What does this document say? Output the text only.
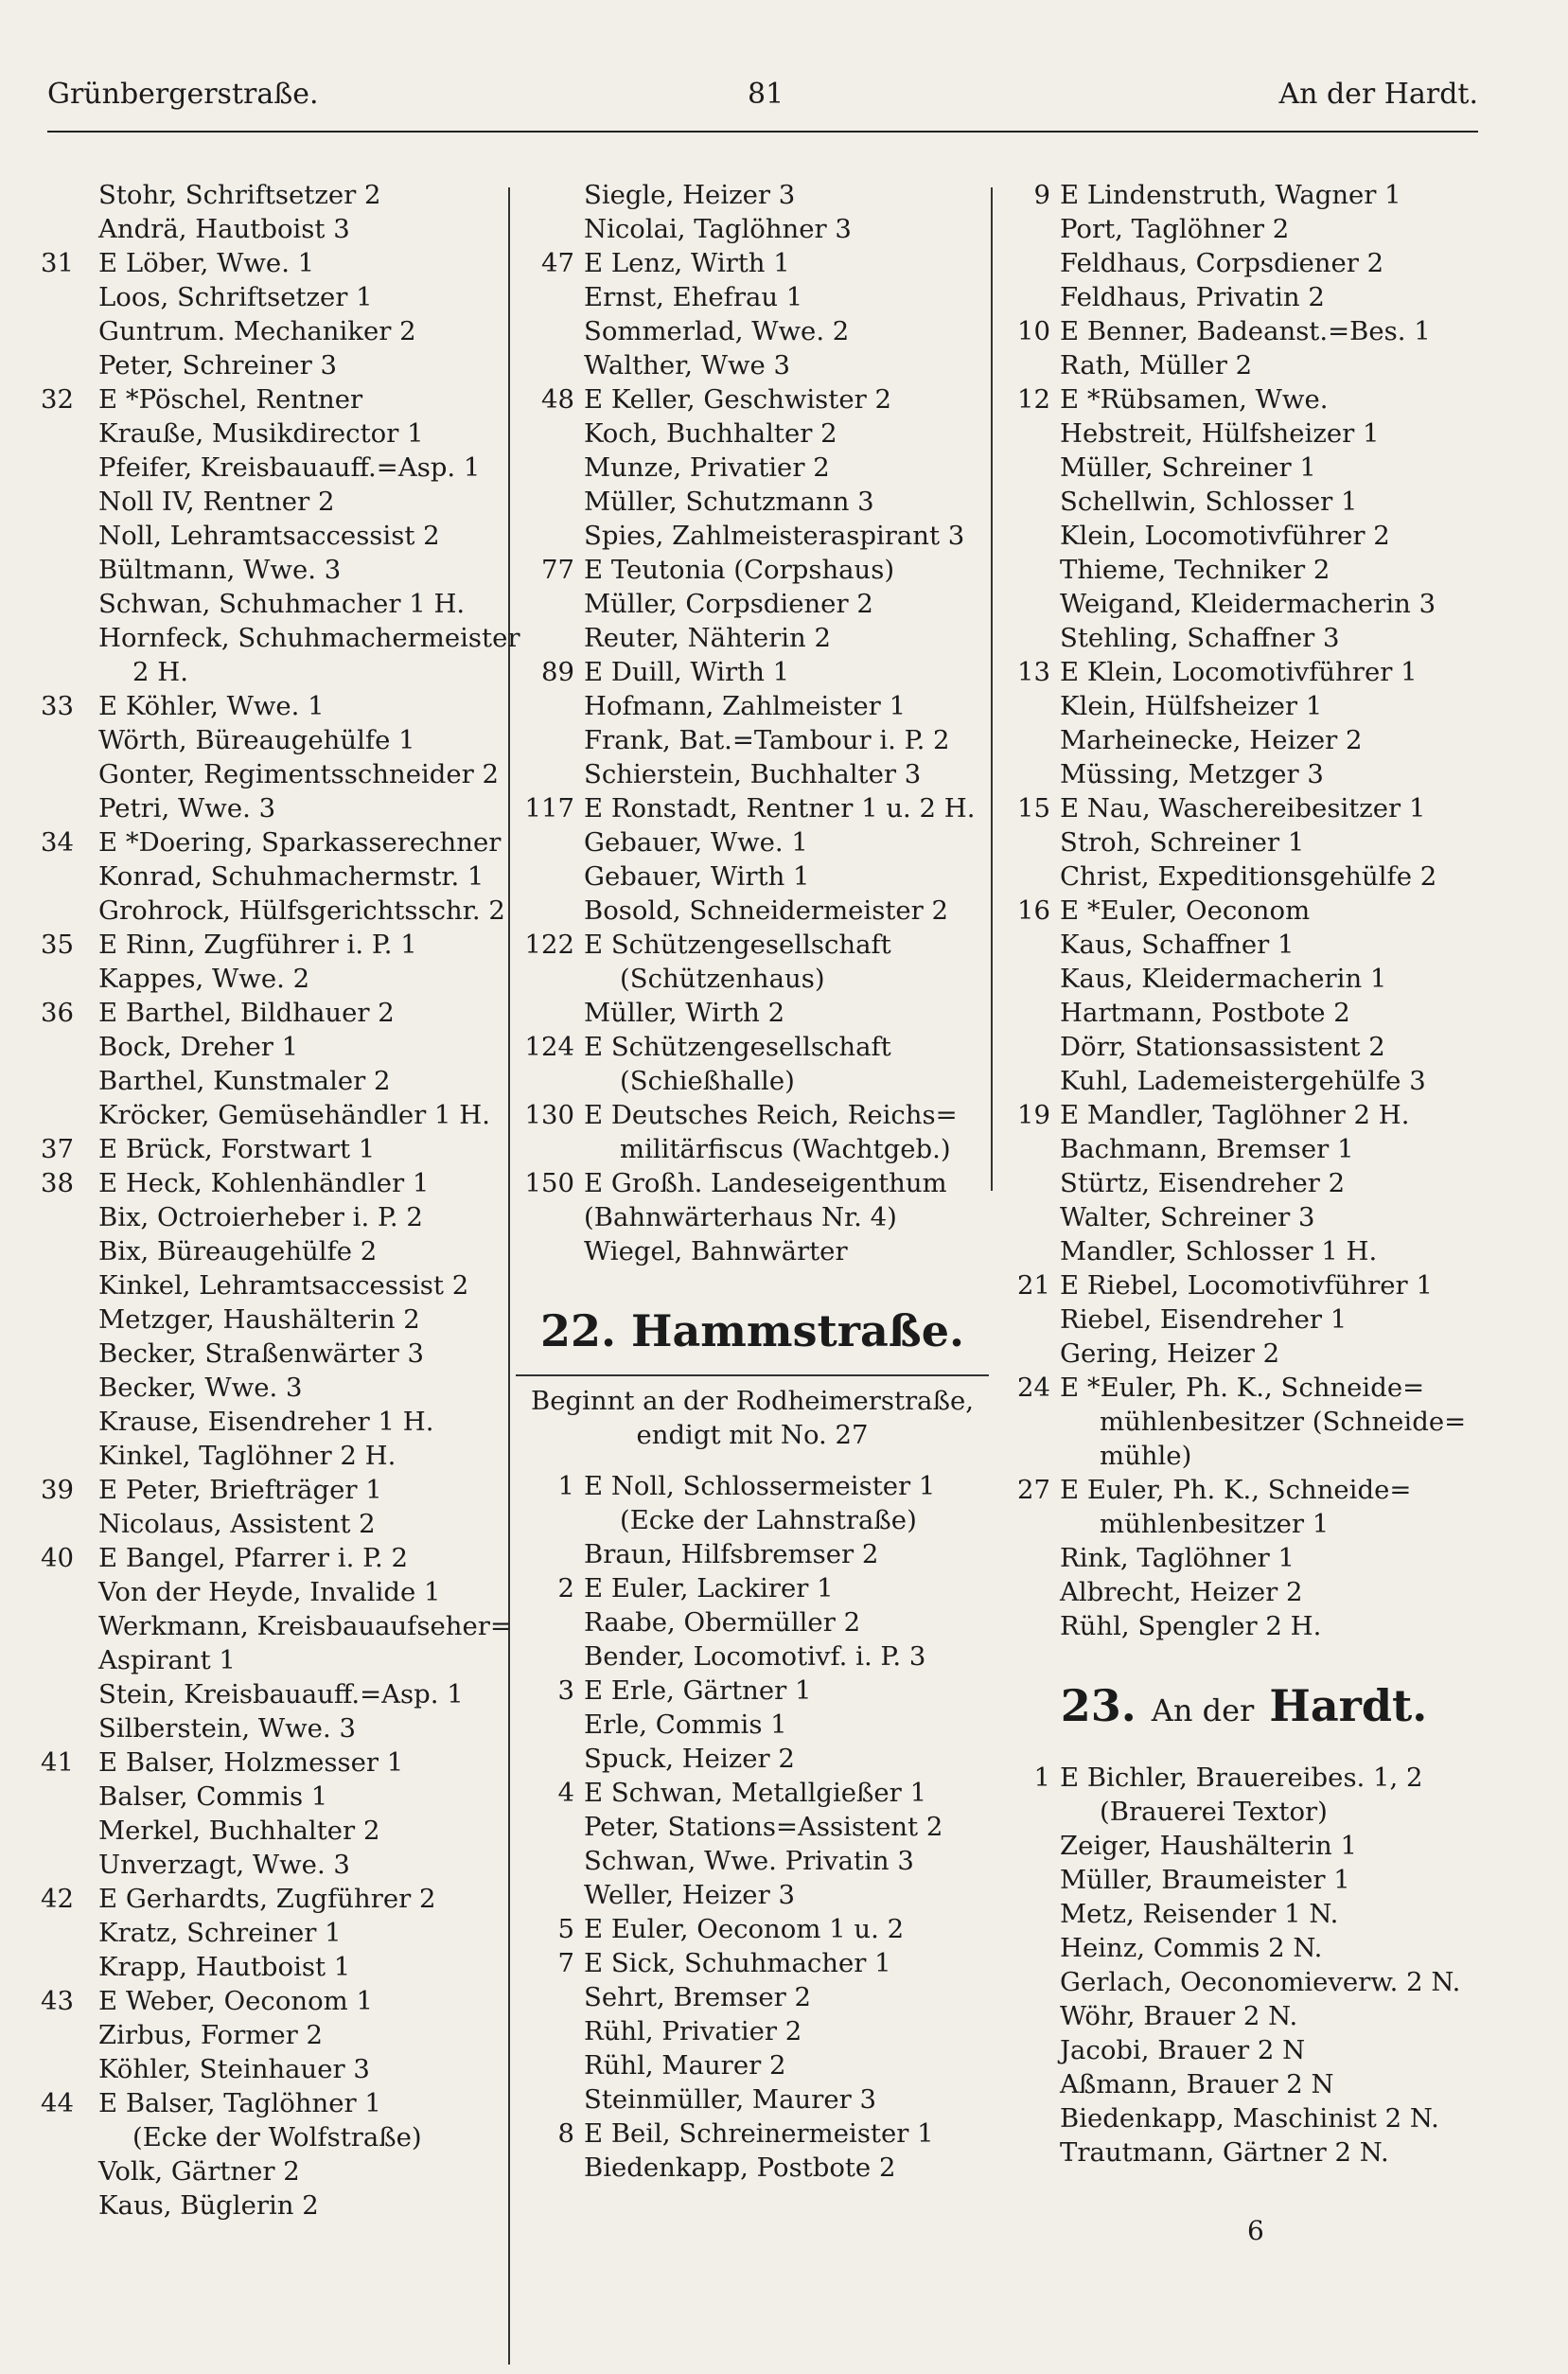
Grünbergerstraße.	81	An der Hardt.
Stohr, Schriftsetzer 2
Andrä, Hautboist 3
31 E Löber, Wwe. 1
Loos, Schriftsetzer 1
Guntrum. Mechaniker 2
Peter, Schreiner 3
32 E *Pöschel, Rentner
Krauße, Musikdirector 1
Pfeifer, Kreisbauauff.=Asp. 1
Noll IV, Rentner 2
Noll, Lehramtsaccessist 2
Bültmann, Wwe. 3
Schwan, Schuhmacher 1 H.
Hornfeck, Schuhmachermeister
2 H.
33 E Köhler, Wwe. 1
Wörth, Büreaugehülfe 1
Gonter, Regimentsschneider 2
Petri, Wwe. 3
34 E *Doering, Sparkasserechner
Konrad, Schuhmachermstr. 1
Grohrock, Hülfsgerichtsschr. 2
35 E Rinn, Zugführer i. P. 1
Kappes, Wwe. 2
36 E Barthel, Bildhauer 2
Bock, Dreher 1
Barthel, Kunstmaler 2
Kröcker, Gemüsehändler 1 H.
37 E Brück, Forstwart 1
38 E Heck, Kohlenhändler 1
Bix, Octroierheber i. P. 2
Bix, Büreaugehülfe 2
Kinkel, Lehramtsaccessist 2
Metzger, Haushälterin 2
Becker, Straßenwärter 3
Becker, Wwe. 3
Krause, Eisendreher 1 H.
Kinkel, Taglöhner 2 H.
39 E Peter, Briefträger 1
Nicolaus, Assistent 2
40 E Bangel, Pfarrer i. P. 2
Von der Heyde, Invalide 1
Werkmann, Kreisbauaufseher=
Aspirant 1
Stein, Kreisbauauff.=Asp. 1
Silberstein, Wwe. 3
41 E Balser, Holzmesser 1
Balser, Commis 1
Merkel, Buchhalter 2
Unverzagt, Wwe. 3
42 E Gerhardts, Zugführer 2
Kratz, Schreiner 1
Krapp, Hautboist 1
43 E Weber, Oeconom 1
Zirbus, Former 2
Köhler, Steinhauer 3
44 E Balser, Taglöhner 1
(Ecke der Wolfstraße)
Volk, Gärtner 2
Kaus, Büglerin 2
Siegle, Heizer 3
Nicolai, Taglöhner 3
47 E Lenz, Wirth 1
Ernst, Ehefrau 1
Sommerlad, Wwe. 2
Walther, Wwe 3
48 E Keller, Geschwister 2
Koch, Buchhalter 2
Munze, Privatier 2
Müller, Schutzmann 3
Spies, Zahlmeisteraspirant 3
77 E Teutonia (Corpshaus)
Müller, Corpsdiener 2
Reuter, Nähterin 2
89 E Duill, Wirth 1
Hofmann, Zahlmeister 1
Frank, Bat.=Tambour i. P. 2
Schierstein, Buchhalter 3
117 E Ronstadt, Rentner 1 u. 2 H.
Gebauer, Wwe. 1
Gebauer, Wirth 1
Bosold, Schneidermeister 2
122 E Schützengesellschaft
(Schützenhaus)
Müller, Wirth 2
124 E Schützengesellschaft
(Schießhalle)
130 E Deutsches Reich, Reichs=
militärfiscus (Wachtgeb.)
150 E Großh. Landeseigenthum
(Bahnwärterhaus Nr. 4)
Wiegel, Bahnwärter
22. Hammstraße.
Beginnt an der Rodheimerstraße,
endigt mit No. 27
1 E Noll, Schlossermeister 1
(Ecke der Lahnstraße)
Braun, Hilfsbremser 2
2 E Euler, Lackirer 1
Raabe, Obermüller 2
Bender, Locomotivf. i. P. 3
3 E Erle, Gärtner 1
Erle, Commis 1
Spuck, Heizer 2
4 E Schwan, Metallgießer 1
Peter, Stations=Assistent 2
Schwan, Wwe. Privatin 3
Weller, Heizer 3
5 E Euler, Oeconom 1 u. 2
7 E Sick, Schuhmacher 1
Sehrt, Bremser 2
Rühl, Privatier 2
Rühl, Maurer 2
Steinmüller, Maurer 3
8 E Beil, Schreinermeister 1
Biedenkapp, Postbote 2
9 E Lindenstruth, Wagner 1
Port, Taglöhner 2
Feldhaus, Corpsdiener 2
Feldhaus, Privatin 2
10 E Benner, Badeanst.=Bes. 1
Rath, Müller 2
12 E *Rübsamen, Wwe.
Hebstreit, Hülfsheizer 1
Müller, Schreiner 1
Schellwin, Schlosser 1
Klein, Locomotivführer 2
Thieme, Techniker 2
Weigand, Kleidermacherin 3
Stehling, Schaffner 3
13 E Klein, Locomotivführer 1
Klein, Hülfsheizer 1
Marheinecke, Heizer 2
Müssing, Metzger 3
15 E Nau, Waschereibesitzer 1
Stroh, Schreiner 1
Christ, Expeditionsgehülfe 2
16 E *Euler, Oeconom
Kaus, Schaffner 1
Kaus, Kleidermacherin 1
Hartmann, Postbote 2
Dörr, Stationsassistent 2
Kuhl, Lademeistergehülfe 3
19 E Mandler, Taglöhner 2 H.
Bachmann, Bremser 1
Stürtz, Eisendreher 2
Walter, Schreiner 3
Mandler, Schlosser 1 H.
21 E Riebel, Locomotivführer 1
Riebel, Eisendreher 1
Gering, Heizer 2
24 E *Euler, Ph. K., Schneide=
mühlenbesitzer (Schneide=
mühle)
27 E Euler, Ph. K., Schneide=
mühlenbesitzer 1
Rink, Taglöhner 1
Albrecht, Heizer 2
Rühl, Spengler 2 H.
23. An der Hardt.
1 E Bichler, Brauereibes. 1, 2
(Brauerei Textor)
Zeiger, Haushälterin 1
Müller, Braumeister 1
Metz, Reisender 1 N.
Heinz, Commis 2 N.
Gerlach, Oeconomieverw. 2 N.
Wöhr, Brauer 2 N.
Jacobi, Brauer 2 N
Aßmann, Brauer 2 N
Biedenkapp, Maschinist 2 N.
Trautmann, Gärtner 2 N.
6
